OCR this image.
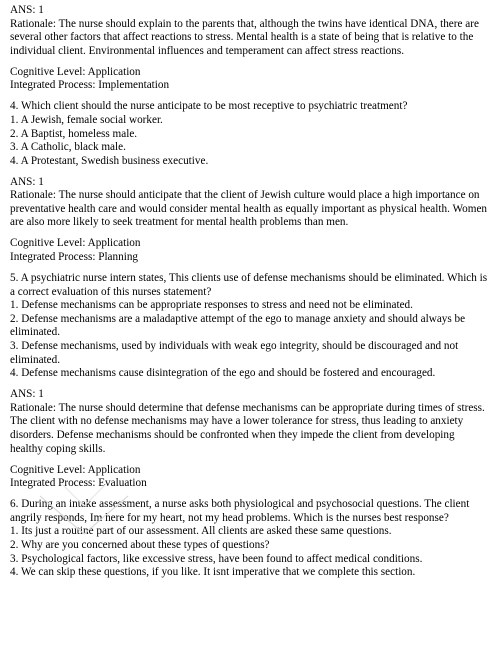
ANS: 1
Rationale: The nurse should explain to the parents that, although the twins have identical DNA, there are several other factors that affect reactions to stress. Mental health is a state of being that is relative to the individual client. Environmental influences and temperament can affect stress reactions.
Cognitive Level: Application
Integrated Process: Implementation
4. Which client should the nurse anticipate to be most receptive to psychiatric treatment?
1. A Jewish, female social worker.
2. A Baptist, homeless male.
3. A Catholic, black male.
4. A Protestant, Swedish business executive.
ANS: 1
Rationale: The nurse should anticipate that the client of Jewish culture would place a high importance on preventative health care and would consider mental health as equally important as physical health. Women are also more likely to seek treatment for mental health problems than men.
Cognitive Level: Application
Integrated Process: Planning
5. A psychiatric nurse intern states, This clients use of defense mechanisms should be eliminated. Which is a correct evaluation of this nurses statement?
1. Defense mechanisms can be appropriate responses to stress and need not be eliminated.
2. Defense mechanisms are a maladaptive attempt of the ego to manage anxiety and should always be eliminated.
3. Defense mechanisms, used by individuals with weak ego integrity, should be discouraged and not eliminated.
4. Defense mechanisms cause disintegration of the ego and should be fostered and encouraged.
ANS: 1
Rationale: The nurse should determine that defense mechanisms can be appropriate during times of stress. The client with no defense mechanisms may have a lower tolerance for stress, thus leading to anxiety disorders. Defense mechanisms should be confronted when they impede the client from developing healthy coping skills.
Cognitive Level: Application
Integrated Process: Evaluation
6. During an intake assessment, a nurse asks both physiological and psychosocial questions. The client angrily responds, Im here for my heart, not my head problems. Which is the nurses best response?
1. Its just a routine part of our assessment. All clients are asked these same questions.
2. Why are you concerned about these types of questions?
3. Psychological factors, like excessive stress, have been found to affect medical conditions.
4. We can skip these questions, if you like. It isnt imperative that we complete this section.
